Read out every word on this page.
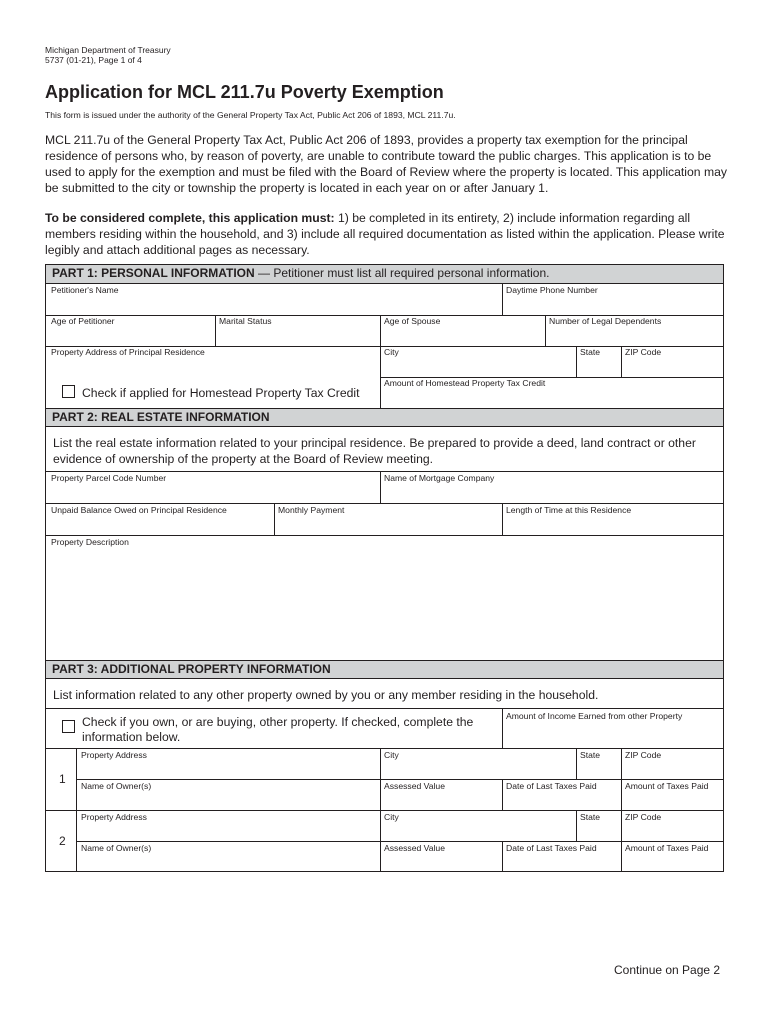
Michigan Department of Treasury
5737 (01-21), Page 1 of 4
Application for MCL 211.7u Poverty Exemption
This form is issued under the authority of the General Property Tax Act, Public Act 206 of 1893, MCL 211.7u.

MCL 211.7u of the General Property Tax Act, Public Act 206 of 1893, provides a property tax exemption for the principal residence of persons who, by reason of poverty, are unable to contribute toward the public charges. This application is to be used to apply for the exemption and must be filed with the Board of Review where the property is located. This application may be submitted to the city or township the property is located in each year on or after January 1.

To be considered complete, this application must: 1) be completed in its entirety, 2) include information regarding all members residing within the household, and 3) include all required documentation as listed within the application. Please write legibly and attach additional pages as necessary.

PART 1: PERSONAL INFORMATION — Petitioner must list all required personal information.
Petitioner's Name	Daytime Phone Number
Age of Petitioner	Marital Status	Age of Spouse	Number of Legal Dependents
Property Address of Principal Residence	City	State	ZIP Code
Check if applied for Homestead Property Tax Credit
Amount of Homestead Property Tax Credit
PART 2: REAL ESTATE INFORMATION
List the real estate information related to your principal residence. Be prepared to provide a deed, land contract or other evidence of ownership of the property at the Board of Review meeting.
Property Parcel Code Number	Name of Mortgage Company
Unpaid Balance Owed on Principal Residence	Monthly Payment	Length of Time at this Residence
Property Description
PART 3: ADDITIONAL PROPERTY INFORMATION
List information related to any other property owned by you or any member residing in the household.
Check if you own, or are buying, other property. If checked, complete the information below.
Amount of Income Earned from other Property
1
Property Address	City	State	ZIP Code
Name of Owner(s)	Assessed Value	Date of Last Taxes Paid	Amount of Taxes Paid
2
Property Address	City	State	ZIP Code
Name of Owner(s)	Assessed Value	Date of Last Taxes Paid	Amount of Taxes Paid
Continue on Page 2
